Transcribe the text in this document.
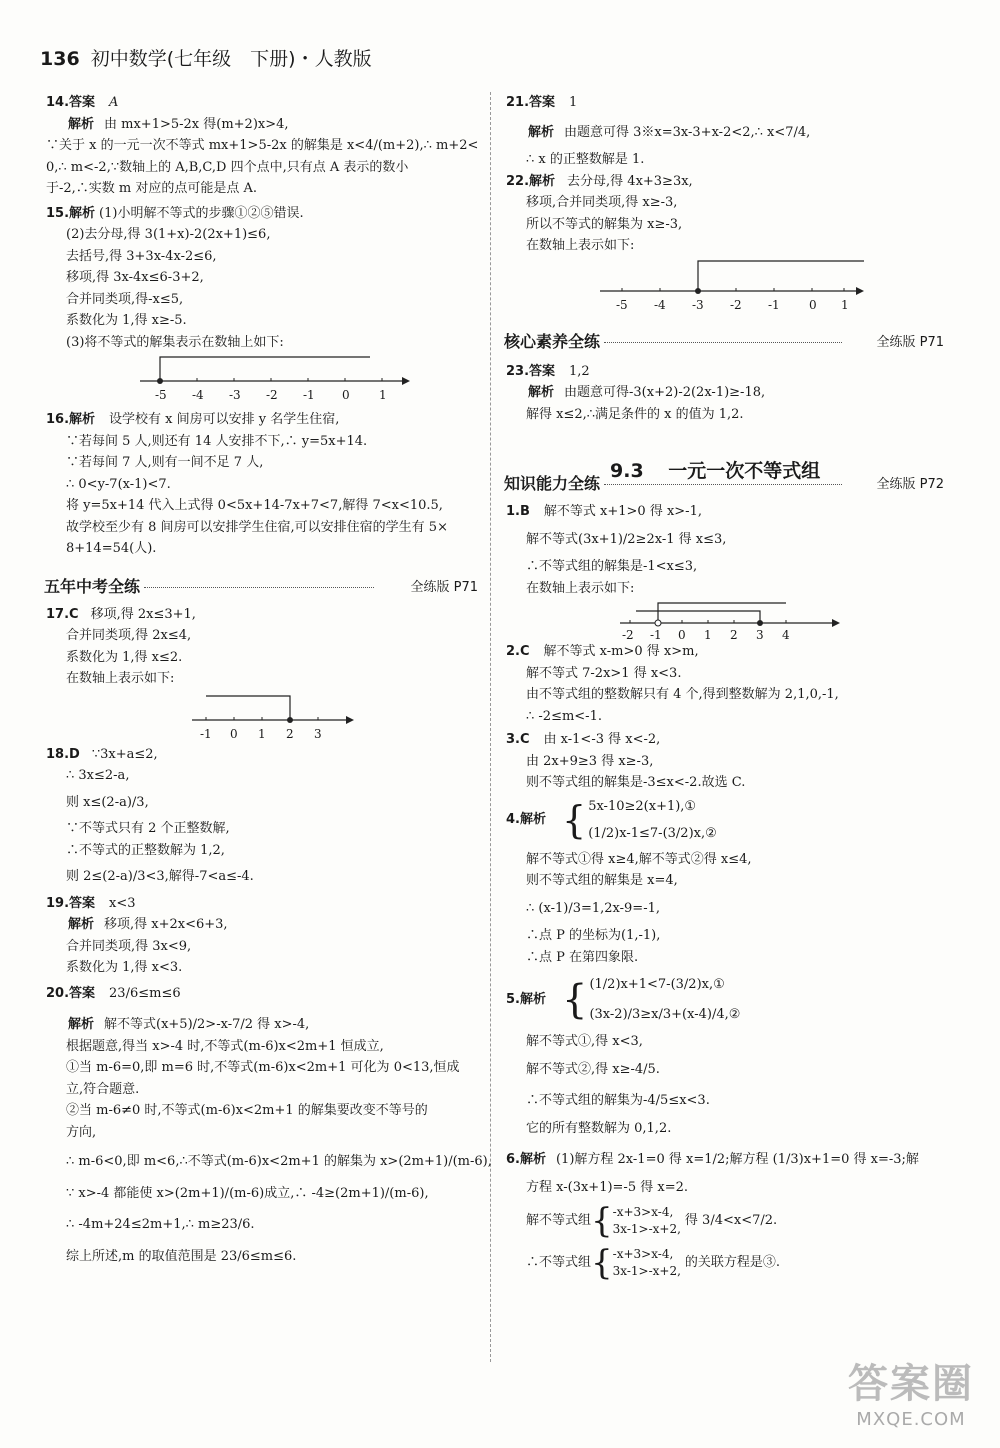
136 初中数学(七年级　下册)・人教版
14.答案 A
解析 由 mx+1>5-2x 得(m+2)x>4,
∵关于 x 的一元一次不等式 mx+1>5-2x 的解集是 x<4/(m+2),∴ m+2<
0,∴ m<-2,∵数轴上的 A,B,C,D 四个点中,只有点 A 表示的数小
于-2,∴实数 m 对应的点可能是点 A.
15.解析 (1)小明解不等式的步骤①②⑤错误.
(2)去分母,得 3(1+x)-2(2x+1)≤6,
去括号,得 3+3x-4x-2≤6,
移项,得 3x-4x≤6-3+2,
合并同类项,得-x≤5,
系数化为 1,得 x≥-5.
(3)将不等式的解集表示在数轴上如下:
-5 -4 -3 -2 -1 0 1
16.解析 设学校有 x 间房可以安排 y 名学生住宿,
∵若每间 5 人,则还有 14 人安排不下,∴ y=5x+14.
∵若每间 7 人,则有一间不足 7 人,
∴ 0<y-7(x-1)<7.
将 y=5x+14 代入上式得 0<5x+14-7x+7<7,解得 7<x<10.5,
故学校至少有 8 间房可以安排学生住宿,可以安排住宿的学生有 5×
8+14=54(人).
五年中考全练	全练版 P71
17.C 移项,得 2x≤3+1,
合并同类项,得 2x≤4,
系数化为 1,得 x≤2.
在数轴上表示如下:
-1 0 1 2 3
18.D ∵3x+a≤2,
∴ 3x≤2-a,
则 x≤(2-a)/3,
∵不等式只有 2 个正整数解,
∴不等式的正整数解为 1,2,
则 2≤(2-a)/3<3,解得-7<a≤-4.
19.答案 x<3
解析 移项,得 x+2x<6+3,
合并同类项,得 3x<9,
系数化为 1,得 x<3.
20.答案 23/6≤m≤6
解析 解不等式(x+5)/2>-x-7/2 得 x>-4,
根据题意,得当 x>-4 时,不等式(m-6)x<2m+1 恒成立,
①当 m-6=0,即 m=6 时,不等式(m-6)x<2m+1 可化为 0<13,恒成
立,符合题意.
②当 m-6≠0 时,不等式(m-6)x<2m+1 的解集要改变不等号的
方向,
∴ m-6<0,即 m<6,∴不等式(m-6)x<2m+1 的解集为 x>(2m+1)/(m-6),
∵ x>-4 都能使 x>(2m+1)/(m-6)成立,∴ -4≥(2m+1)/(m-6),
∴ -4m+24≤2m+1,∴ m≥23/6.
综上所述,m 的取值范围是 23/6≤m≤6.
21.答案 1
解析 由题意可得 3※x=3x-3+x-2<2,∴ x<7/4,
∴ x 的正整数解是 1.
22.解析 去分母,得 4x+3≥3x,
移项,合并同类项,得 x≥-3,
所以不等式的解集为 x≥-3,
在数轴上表示如下:
-5 -4 -3 -2 -1 0 1
核心素养全练	全练版 P71
23.答案 1,2
解析 由题意可得-3(x+2)-2(2x-1)≥-18,
解得 x≤2,∴满足条件的 x 的值为 1,2.
知识能力全练	全练版 P72
1.B 解不等式 x+1>0 得 x>-1,
解不等式(3x+1)/2≥2x-1 得 x≤3,
∴不等式组的解集是-1<x≤3,
在数轴上表示如下:
-2 -1 0 1 2 3 4
2.C 解不等式 x-m>0 得 x>m,
解不等式 7-2x>1 得 x<3.
由不等式组的整数解只有 4 个,得到整数解为 2,1,0,-1,
∴ -2≤m<-1.
3.C 由 x-1<-3 得 x<-2,
由 2x+9≥3 得 x≥-3,
则不等式组的解集是-3≤x<-2.故选 C.
4.解析 { 5x-10≥2(x+1),①
(1/2)x-1≤7-(3/2)x,②
解不等式①得 x≥4,解不等式②得 x≤4,
则不等式组的解集是 x=4,
∴ (x-1)/3=1,2x-9=-1,
∴点 P 的坐标为(1,-1),
∴点 P 在第四象限.
5.解析 { (1/2)x+1<7-(3/2)x,①
(3x-2)/3≥x/3+(x-4)/4,②
解不等式①,得 x<3,
解不等式②,得 x≥-4/5.
∴不等式组的解集为-4/5≤x<3.
它的所有整数解为 0,1,2.
6.解析 (1)解方程 2x-1=0 得 x=1/2;解方程 (1/3)x+1=0 得 x=-3;解
方程 x-(3x+1)=-5 得 x=2.
解不等式组 { -x+3>x-4,
3x-1>-x+2,
得 3/4<x<7/2.
∴不等式组 { -x+3>x-4,
3x-1>-x+2,
的关联方程是③.
9.3 一元一次不等式组
答案圈
MXQE.COM
